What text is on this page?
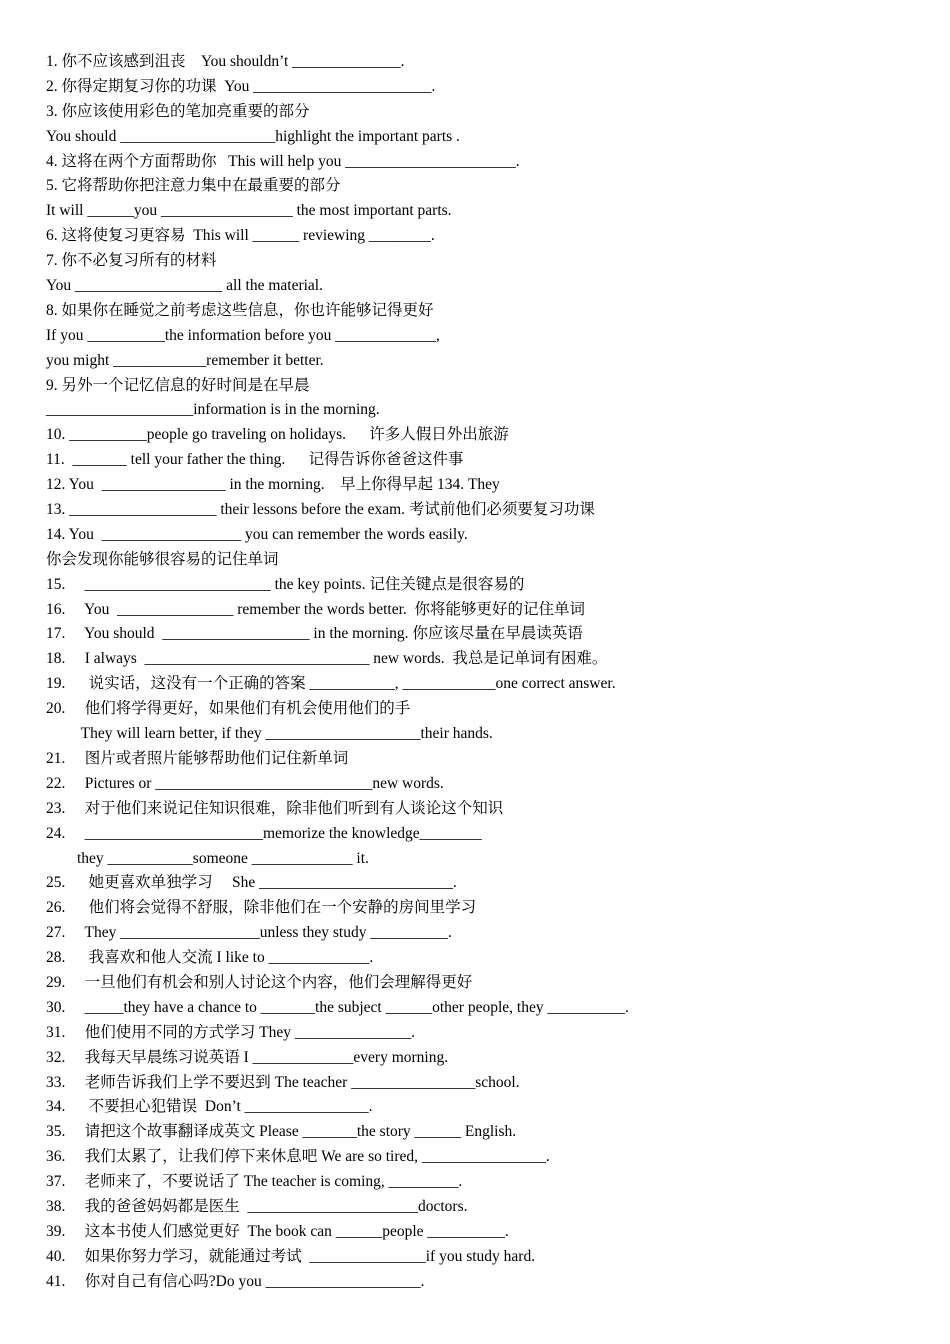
1. 你不应该感到沮丧    You shouldn’t ______________.
2. 你得定期复习你的功课  You _______________________.
3. 你应该使用彩色的笔加亮重要的部分
You should ____________________highlight the important parts .
4. 这将在两个方面帮助你   This will help you ______________________.
5. 它将帮助你把注意力集中在最重要的部分
It will ______you _________________ the most important parts.
6. 这将使复习更容易  This will ______ reviewing ________.
7. 你不必复习所有的材料
You ___________________ all the material.
8. 如果你在睡觉之前考虑这些信息，你也许能够记得更好
If you __________the information before you _____________,
you might ____________remember it better.
9. 另外一个记忆信息的好时间是在早晨
___________________information is in the morning.
10. __________people go traveling on holidays.      许多人假日外出旅游
11.  _______ tell your father the thing.      记得告诉你爸爸这件事
12. You  ________________ in the morning.    早上你得早起 134. They
13. ___________________ their lessons before the exam. 考试前他们必须要复习功课
14. You  __________________ you can remember the words easily.
你会发现你能够很容易的记住单词
15.     ________________________ the key points. 记住关键点是很容易的
16.     You  _______________ remember the words better.  你将能够更好的记住单词
17.     You should  ___________________ in the morning. 你应该尽量在早晨读英语
18.     I always  _____________________________ new words.  我总是记单词有困难。
19.      说实话，这没有一个正确的答案 ___________, ____________one correct answer.
20.     他们将学得更好，如果他们有机会使用他们的手
They will learn better, if they ____________________their hands.
21.     图片或者照片能够帮助他们记住新单词
22.     Pictures or ____________________________new words.
23.     对于他们来说记住知识很难，除非他们听到有人谈论这个知识
24.     _______________________memorize the knowledge________
they ___________someone _____________ it.
25.      她更喜欢单独学习     She _________________________.
26.      他们将会觉得不舒服，除非他们在一个安静的房间里学习
27.     They __________________unless they study __________.
28.      我喜欢和他人交流 I like to _____________.
29.     一旦他们有机会和别人讨论这个内容，他们会理解得更好
30.     _____they have a chance to _______the subject ______other people, they __________.
31.     他们使用不同的方式学习 They _______________.
32.     我每天早晨练习说英语 I _____________every morning.
33.     老师告诉我们上学不要迟到 The teacher ________________school.
34.      不要担心犯错误  Don’t ________________.
35.     请把这个故事翻译成英文 Please _______the story ______ English.
36.     我们太累了，让我们停下来休息吧 We are so tired, ________________.
37.     老师来了，不要说话了 The teacher is coming, _________.
38.     我的爸爸妈妈都是医生  ______________________doctors.
39.     这本书使人们感觉更好  The book can ______people __________.
40.     如果你努力学习，就能通过考试  _______________if you study hard.
41.     你对自己有信心吗?Do you ____________________.
